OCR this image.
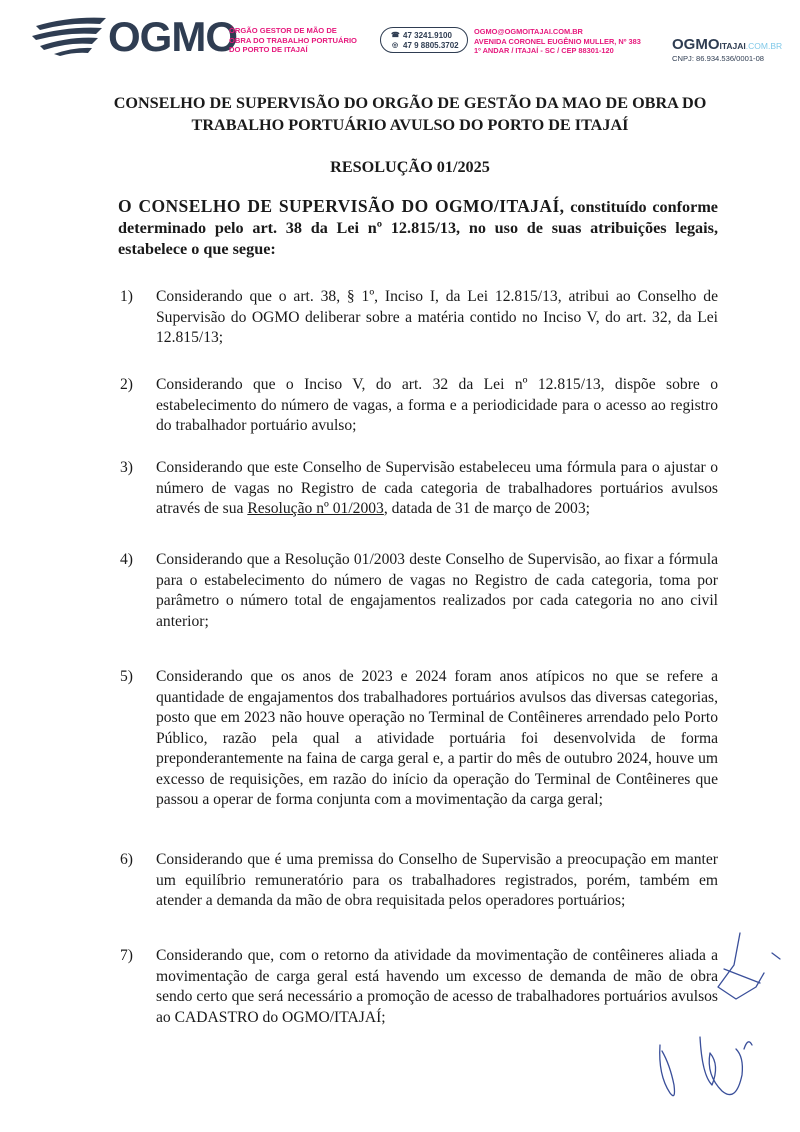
OGMO
ÓRGÃO GESTOR DE MÃO DE
OBRA DO TRABALHO PORTUÁRIO
DO PORTO DE ITAJAÍ
☎ 47 3241.9100
◎ 47 9 8805.3702
OGMO@OGMOITAJAI.COM.BR
AVENIDA CORONEL EUGÊNIO MULLER, Nº 383
1º ANDAR / ITAJAÍ - SC / CEP 88301-120	OGMOITAJAI.COM.BR
CNPJ: 86.934.536/0001-08
CONSELHO DE SUPERVISÃO DO ORGÃO DE GESTÃO DA MAO DE OBRA DO
TRABALHO PORTUÁRIO AVULSO DO PORTO DE ITAJAÍ
RESOLUÇÃO 01/2025
O CONSELHO DE SUPERVISÃO DO OGMO/ITAJAÍ, constituído conforme determinado pelo art. 38 da Lei nº 12.815/13, no uso de suas atribuições legais, estabelece o que segue:
1)	Considerando que o art. 38, § 1º, Inciso I, da Lei 12.815/13, atribui ao Conselho de Supervisão do OGMO deliberar sobre a matéria contido no Inciso V, do art. 32, da Lei 12.815/13;
2)	Considerando que o Inciso V, do art. 32 da Lei nº 12.815/13, dispõe sobre o estabelecimento do número de vagas, a forma e a periodicidade para o acesso ao registro do trabalhador portuário avulso;
3)	Considerando que este Conselho de Supervisão estabeleceu uma fórmula para o ajustar o número de vagas no Registro de cada categoria de trabalhadores portuários avulsos através de sua Resolução nº 01/2003, datada de 31 de março de 2003;
4)	Considerando que a Resolução 01/2003 deste Conselho de Supervisão, ao fixar a fórmula para o estabelecimento do número de vagas no Registro de cada categoria, toma por parâmetro o número total de engajamentos realizados por cada categoria no ano civil anterior;
5)	Considerando que os anos de 2023 e 2024 foram anos atípicos no que se refere a quantidade de engajamentos dos trabalhadores portuários avulsos das diversas categorias, posto que em 2023 não houve operação no Terminal de Contêineres arrendado pelo Porto Público, razão pela qual a atividade portuária foi desenvolvida de forma preponderantemente na faina de carga geral e, a partir do mês de outubro 2024, houve um excesso de requisições, em razão do início da operação do Terminal de Contêineres que passou a operar de forma conjunta com a movimentação da carga geral;
6)	Considerando que é uma premissa do Conselho de Supervisão a preocupação em manter um equilíbrio remuneratório para os trabalhadores registrados, porém, também em atender a demanda da mão de obra requisitada pelos operadores portuários;
7)	Considerando que, com o retorno da atividade da movimentação de contêineres aliada a movimentação de carga geral está havendo um excesso de demanda de mão de obra sendo certo que será necessário a promoção de acesso de trabalhadores portuários avulsos ao CADASTRO do OGMO/ITAJAÍ;
